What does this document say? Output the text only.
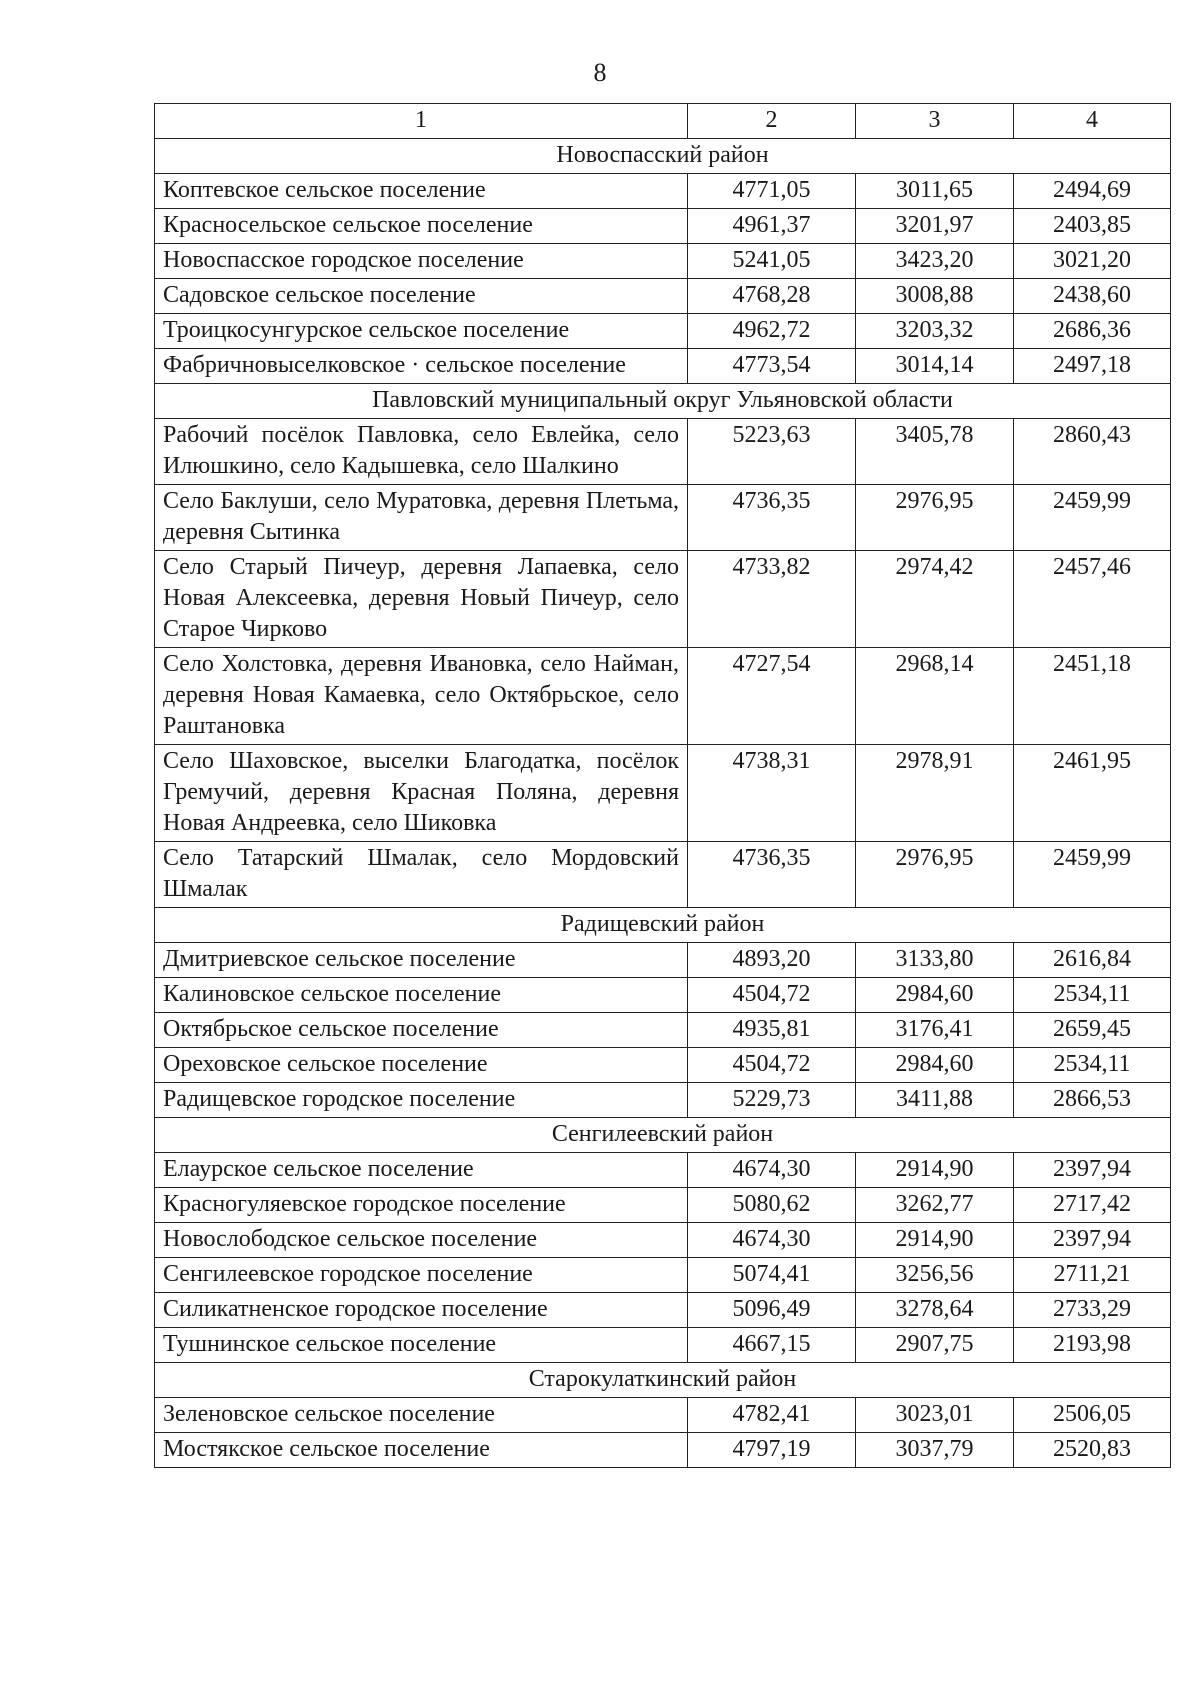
8
1	2	3	4
Новоспасский район			
Коптевское сельское поселение	4771,05	3011,65	2494,69
Красносельское сельское поселение	4961,37	3201,97	2403,85
Новоспасское городское поселение	5241,05	3423,20	3021,20
Садовское сельское поселение	4768,28	3008,88	2438,60
Троицкосунгурское сельское поселение	4962,72	3203,32	2686,36
Фабричновыселковское · сельское поселение	4773,54	3014,14	2497,18
Павловский муниципальный округ Ульяновской области			
Рабочий посёлок Павловка, село Евлейка, село Илюшкино, село Кадышевка, село Шалкино	5223,63	3405,78	2860,43
Село Баклуши, село Муратовка, деревня Плетьма, деревня Сытинка	4736,35	2976,95	2459,99
Село Старый Пичеур, деревня Лапаевка, село Новая Алексеевка, деревня Новый Пичеур, село Старое Чирково	4733,82	2974,42	2457,46
Село Холстовка, деревня Ивановка, село Найман, деревня Новая Камаевка, село Октябрьское, село Раштановка	4727,54	2968,14	2451,18
Село Шаховское, выселки Благодатка, посёлок Гремучий, деревня Красная Поляна, деревня Новая Андреевка, село Шиковка	4738,31	2978,91	2461,95
Село Татарский Шмалак, село Мордовский Шмалак	4736,35	2976,95	2459,99
Радищевский район			
Дмитриевское сельское поселение	4893,20	3133,80	2616,84
Калиновское сельское поселение	4504,72	2984,60	2534,11
Октябрьское сельское поселение	4935,81	3176,41	2659,45
Ореховское сельское поселение	4504,72	2984,60	2534,11
Радищевское городское поселение	5229,73	3411,88	2866,53
Сенгилеевский район			
Елаурское сельское поселение	4674,30	2914,90	2397,94
Красногуляевское городское поселение	5080,62	3262,77	2717,42
Новослободское сельское поселение	4674,30	2914,90	2397,94
Сенгилеевское городское поселение	5074,41	3256,56	2711,21
Силикатненское городское поселение	5096,49	3278,64	2733,29
Тушнинское сельское поселение	4667,15	2907,75	2193,98
Старокулаткинский район			
Зеленовское сельское поселение	4782,41	3023,01	2506,05
Мостякское сельское поселение	4797,19	3037,79	2520,83
